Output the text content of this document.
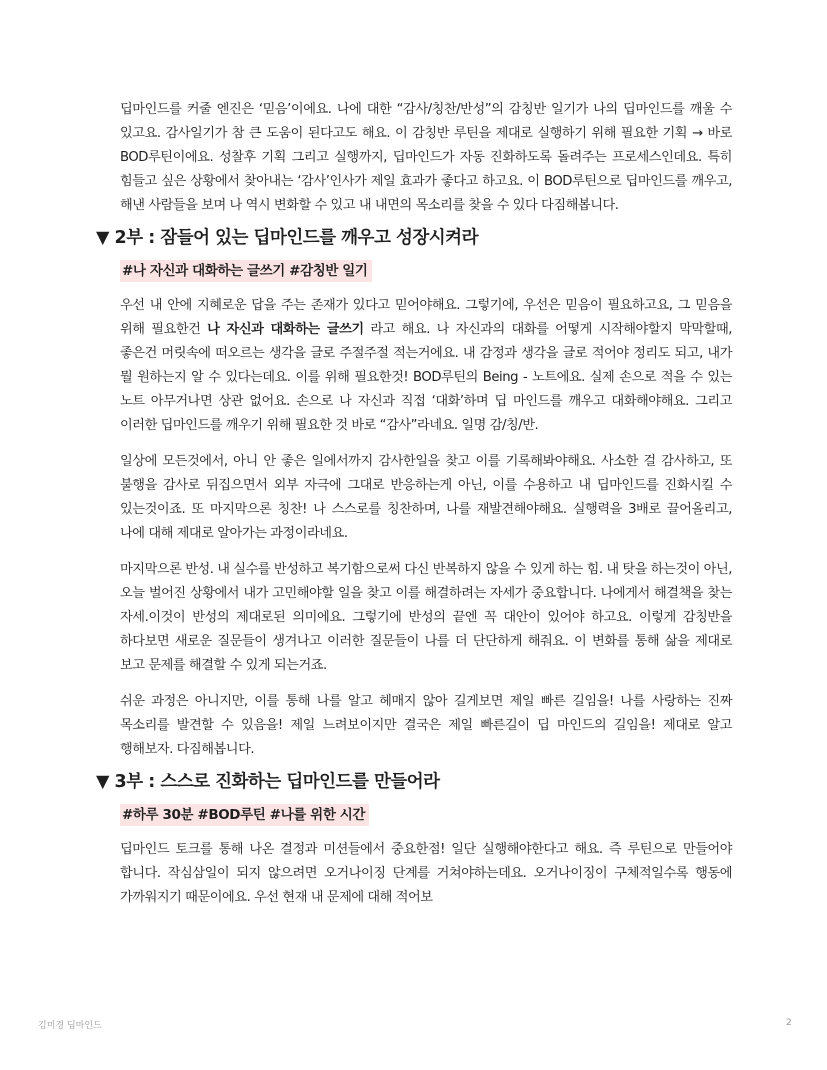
딥마인드를 커줄 엔진은 ‘믿음’이에요. 나에 대한 “감사/칭찬/반성”의 감칭반 일기가 나의 딥마인드를 깨울 수 있고요. 감사일기가 참 큰 도움이 된다고도 해요. 이 감칭반 루틴을 제대로 실행하기 위해 필요한 기획 → 바로 BOD루틴이에요. 성찰후 기획 그리고 실행까지, 딥마인드가 자동 진화하도록 돌려주는 프로세스인데요. 특히 힘들고 싶은 상황에서 찾아내는 ‘감사’인사가 제일 효과가 좋다고 하고요. 이 BOD루틴으로 딥마인드를 깨우고, 해낸 사람들을 보며 나 역시 변화할 수 있고 내 내면의 목소리를 찾을 수 있다 다짐해봅니다.

▼ 2부 : 잠들어 있는 딥마인드를 깨우고 성장시켜라
#나 자신과 대화하는 글쓰기 #감칭반 일기

우선 내 안에 지혜로운 답을 주는 존재가 있다고 믿어야해요. 그렇기에, 우선은 믿음이 필요하고요, 그 믿음을 위해 필요한건 나 자신과 대화하는 글쓰기 라고 해요. 나 자신과의 대화를 어떻게 시작해야할지 막막할때, 좋은건 머릿속에 떠오르는 생각을 글로 주절주절 적는거에요. 내 감정과 생각을 글로 적어야 정리도 되고, 내가 뭘 원하는지 알 수 있다는데요. 이를 위해 필요한것! BOD루틴의 Being - 노트에요. 실제 손으로 적을 수 있는 노트 아무거나면 상관 없어요. 손으로 나 자신과 직접 ‘대화’하며 딥 마인드를 깨우고 대화해야해요. 그리고 이러한 딥마인드를 깨우기 위해 필요한 것 바로 “감사”라네요. 일명 감/칭/반.

일상에 모든것에서, 아니 안 좋은 일에서까지 감사한일을 찾고 이를 기록해봐야해요. 사소한 걸 감사하고, 또 불행을 감사로 뒤집으면서 외부 자극에 그대로 반응하는게 아닌, 이를 수용하고 내 딥마인드를 진화시킬 수 있는것이죠. 또 마지막으론 칭찬! 나 스스로를 칭찬하며, 나를 재발견해야해요. 실행력을 3배로 끌어올리고, 나에 대해 제대로 알아가는 과정이라네요.

마지막으론 반성. 내 실수를 반성하고 복기함으로써 다신 반복하지 않을 수 있게 하는 힘. 내 탓을 하는것이 아닌, 오늘 벌어진 상황에서 내가 고민해야할 일을 찾고 이를 해결하려는 자세가 중요합니다. 나에게서 해결책을 찾는 자세.이것이 반성의 제대로된 의미에요. 그렇기에 반성의 끝엔 꼭 대안이 있어야 하고요. 이렇게 감칭반을 하다보면 새로운 질문들이 생겨나고 이러한 질문들이 나를 더 단단하게 해줘요. 이 변화를 통해 삶을 제대로 보고 문제를 해결할 수 있게 되는거죠.

쉬운 과정은 아니지만, 이를 통해 나를 알고 헤매지 않아 길게보면 제일 빠른 길임을! 나를 사랑하는 진짜 목소리를 발견할 수 있음을! 제일 느려보이지만 결국은 제일 빠른길이 딥 마인드의 길임을! 제대로 알고 행해보자. 다짐해봅니다.

▼ 3부 : 스스로 진화하는 딥마인드를 만들어라
#하루 30분 #BOD루틴 #나를 위한 시간

딥마인드 토크를 통해 나온 결정과 미션들에서 중요한점! 일단 실행해야한다고 해요. 즉 루틴으로 만들어야 합니다. 작심삼일이 되지 않으려면 오거나이징 단계를 거쳐야하는데요. 오거나이징이 구체적일수록 행동에 가까워지기 때문이에요. 우선 현재 내 문제에 대해 적어보

김미경 딥마인드	2
